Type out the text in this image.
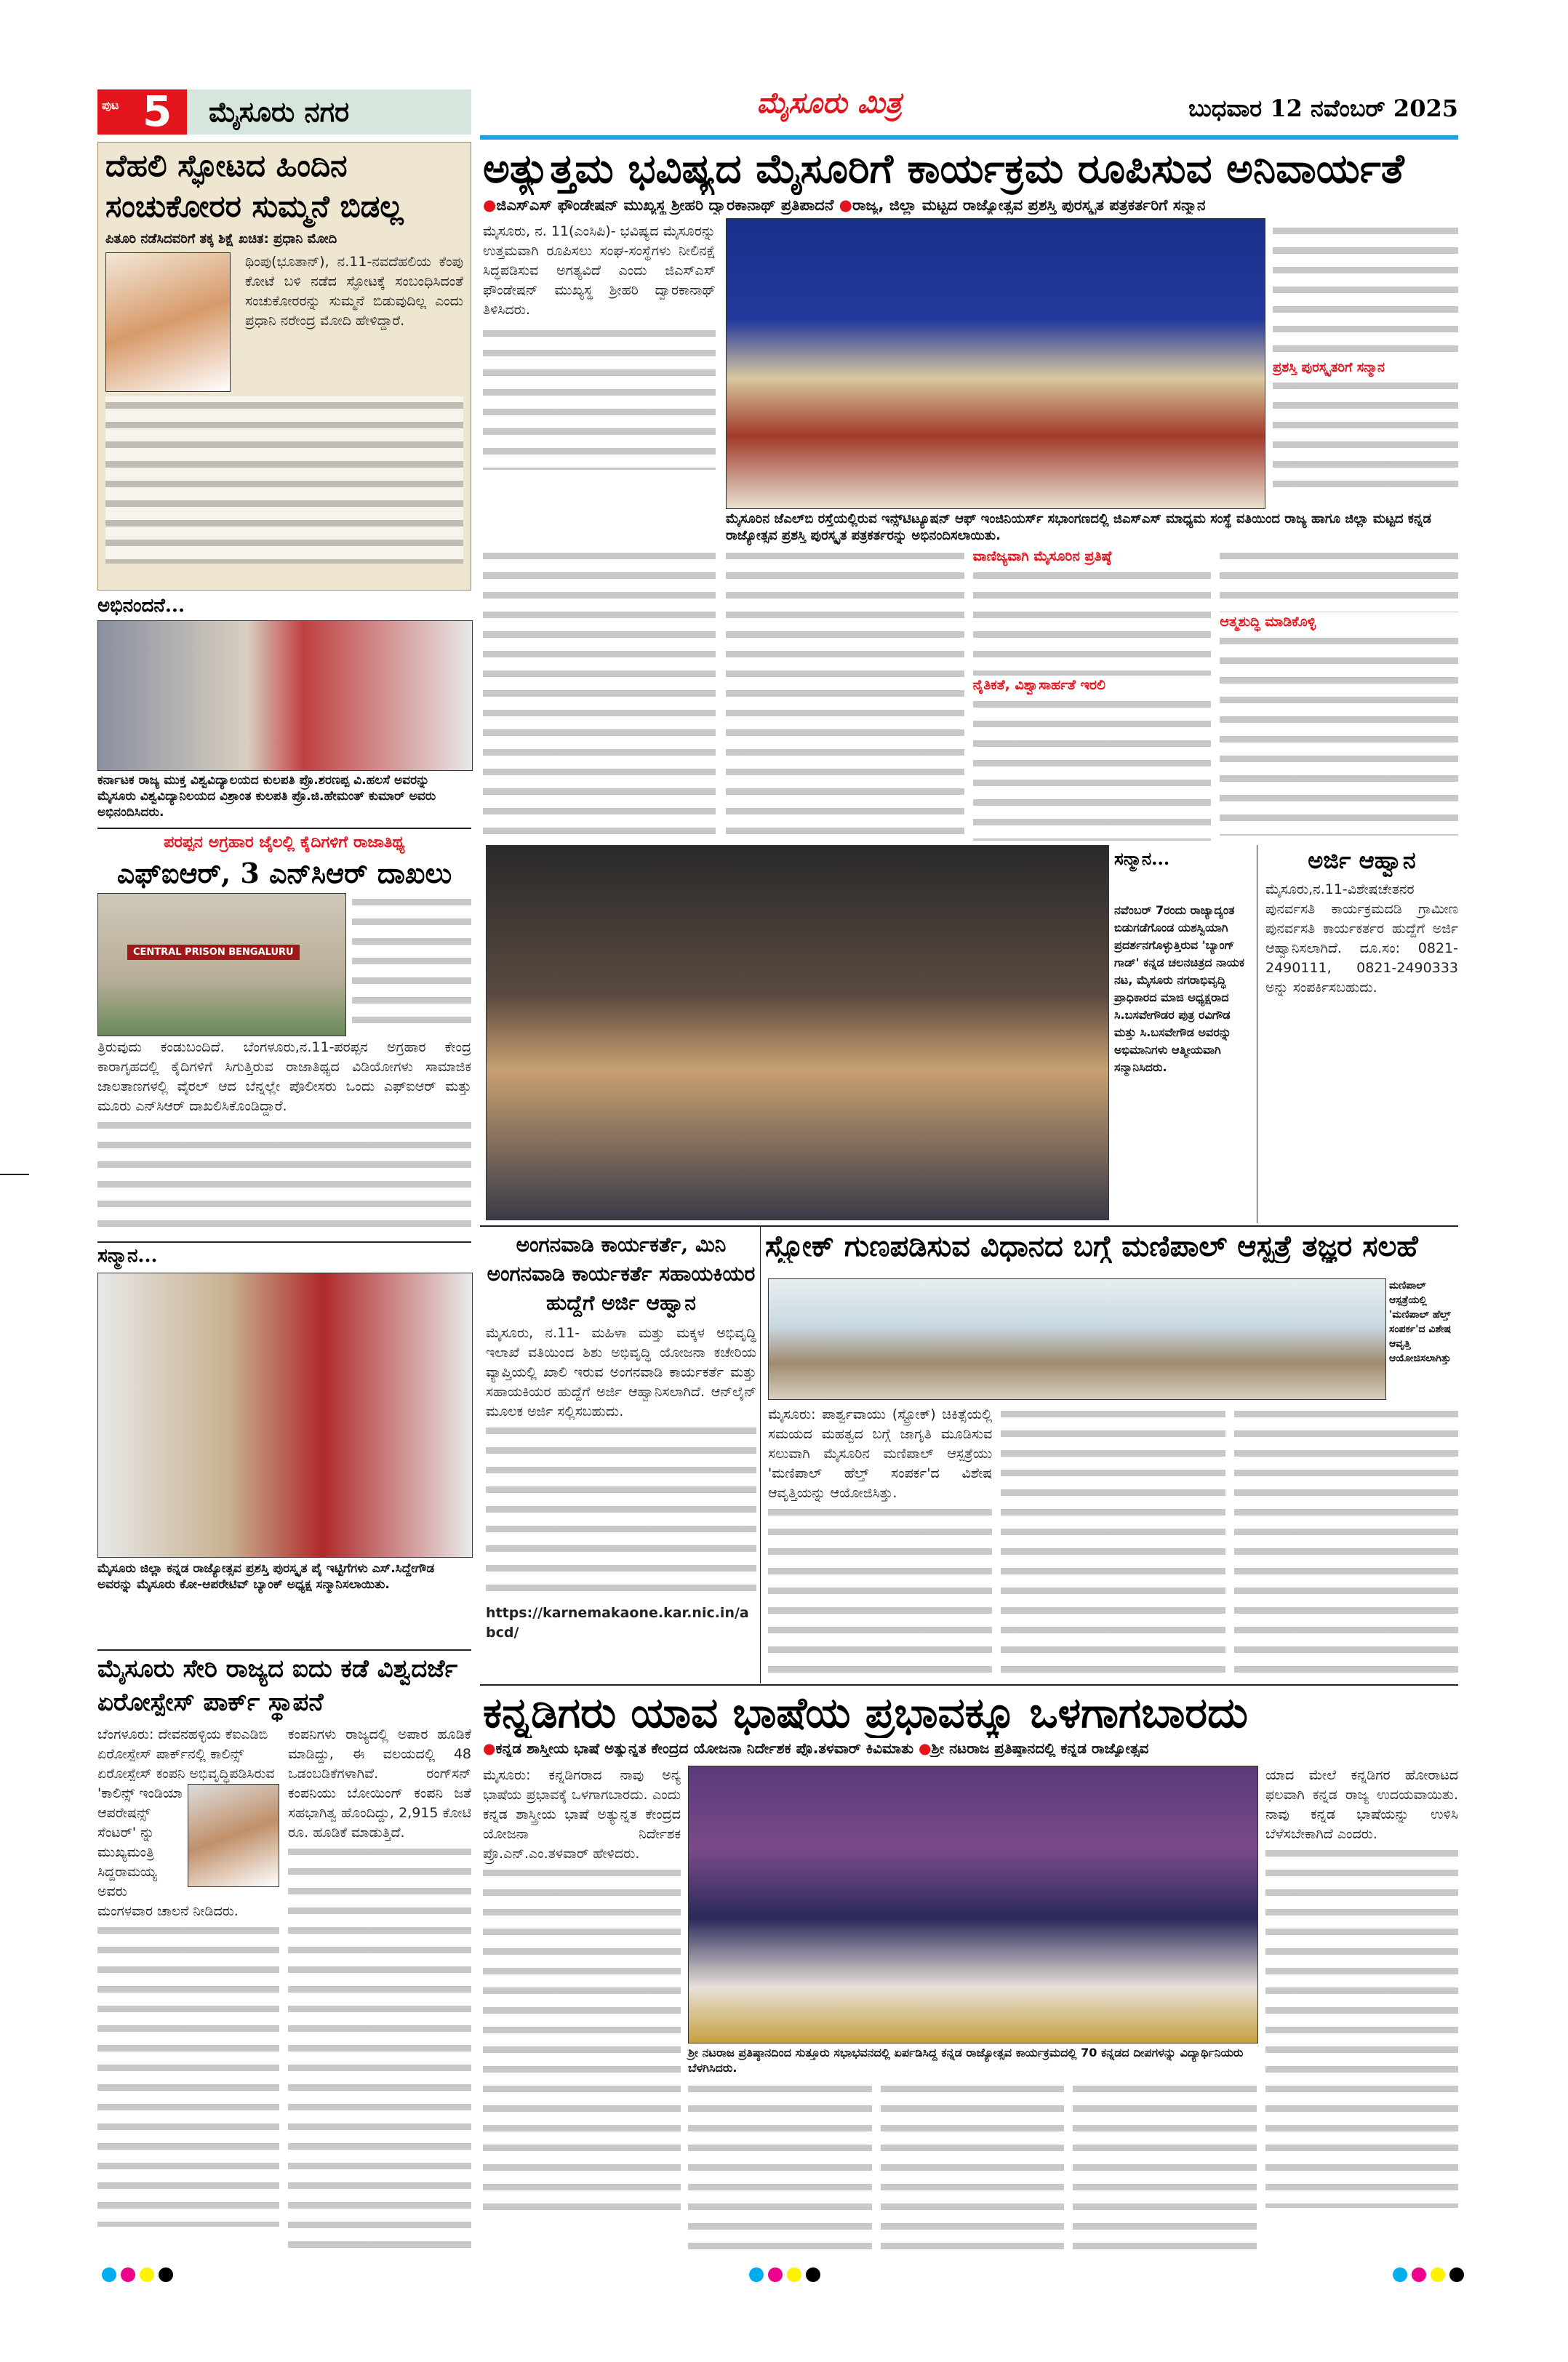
ಪುಟ 5	ಮೈಸೂರು ನಗರ	ಮೈಸೂರು ಮಿತ್ರ	ಬುಧವಾರ 12 ನವೆಂಬರ್ 2025
ಅತ್ಯುತ್ತಮ ಭವಿಷ್ಯದ ಮೈಸೂರಿಗೆ ಕಾರ್ಯಕ್ರಮ ರೂಪಿಸುವ ಅನಿವಾರ್ಯತೆ
●ಜಿಎಸ್‌ಎಸ್ ಫೌಂಡೇಷನ್ ಮುಖ್ಯಸ್ಥ ಶ್ರೀಹರಿ ದ್ವಾರಕಾನಾಥ್ ಪ್ರತಿಪಾದನೆ ●ರಾಜ್ಯ, ಜಿಲ್ಲಾ ಮಟ್ಟದ ರಾಜ್ಯೋತ್ಸವ ಪ್ರಶಸ್ತಿ ಪುರಸ್ಕೃತ ಪತ್ರಕರ್ತರಿಗೆ ಸನ್ಮಾನ
ಮೈಸೂರು, ನ. 11(ಎಂಸಿಪಿ)- ಭವಿಷ್ಯದ ಮೈಸೂರನ್ನು ಉತ್ತಮವಾಗಿ ರೂಪಿಸಲು ಸಂಘ-ಸಂಸ್ಥೆಗಳು ನೀಲಿನಕ್ಷೆ ಸಿದ್ಧಪಡಿಸುವ ಅಗತ್ಯವಿದೆ ಎಂದು ಜಿಎಸ್‌ಎಸ್ ಫೌಂಡೇಷನ್ ಮುಖ್ಯಸ್ಥ ಶ್ರೀಹರಿ ದ್ವಾರಕಾನಾಥ್ ತಿಳಿಸಿದರು.
ಪ್ರಶಸ್ತಿ ಪುರಸ್ಕೃತರಿಗೆ ಸನ್ಮಾನ
ಮೈಸೂರಿನ ಜೆಎಲ್‌ಬಿ ರಸ್ತೆಯಲ್ಲಿರುವ ಇನ್ಸ್‌ಟಿಟ್ಯೂಷನ್ ಆಫ್ ಇಂಜಿನಿಯರ್ಸ್ ಸಭಾಂಗಣದಲ್ಲಿ ಜಿಎಸ್‌ಎಸ್ ಮಾಧ್ಯಮ ಸಂಸ್ಥೆ ವತಿಯಿಂದ ರಾಜ್ಯ ಹಾಗೂ ಜಿಲ್ಲಾ ಮಟ್ಟದ ಕನ್ನಡ ರಾಜ್ಯೋತ್ಸವ ಪ್ರಶಸ್ತಿ ಪುರಸ್ಕೃತ ಪತ್ರಕರ್ತರನ್ನು ಅಭಿನಂದಿಸಲಾಯಿತು.
ವಾಣಿಜ್ಯವಾಗಿ ಮೈಸೂರಿನ ಪ್ರತಿಷ್ಠೆ
ನೈತಿಕತೆ, ವಿಶ್ವಾಸಾರ್ಹತೆ ಇರಲಿ
ಆತ್ಮಶುದ್ಧಿ ಮಾಡಿಕೊಳ್ಳಿ
ದೆಹಲಿ ಸ್ಫೋಟದ ಹಿಂದಿನ ಸಂಚುಕೋರರ ಸುಮ್ಮನೆ ಬಿಡಲ್ಲ
ಪಿತೂರಿ ನಡೆಸಿದವರಿಗೆ ತಕ್ಕ ಶಿಕ್ಷೆ ಖಚಿತ: ಪ್ರಧಾನಿ ಮೋದಿ
ಥಿಂಪು(ಭೂತಾನ್), ನ.11-ನವದೆಹಲಿಯ ಕೆಂಪು ಕೋಟೆ ಬಳಿ ನಡೆದ ಸ್ಫೋಟಕ್ಕೆ ಸಂಬಂಧಿಸಿದಂತೆ ಸಂಚುಕೋರರನ್ನು ಸುಮ್ಮನೆ ಬಿಡುವುದಿಲ್ಲ ಎಂದು ಪ್ರಧಾನಿ ನರೇಂದ್ರ ಮೋದಿ ಹೇಳಿದ್ದಾರೆ.
ಅಭಿನಂದನೆ...
ಕರ್ನಾಟಕ ರಾಜ್ಯ ಮುಕ್ತ ವಿಶ್ವವಿದ್ಯಾಲಯದ ಕುಲಪತಿ ಪ್ರೊ.ಶರಣಪ್ಪ ವಿ.ಹಲಸೆ ಅವರನ್ನು ಮೈಸೂರು ವಿಶ್ವವಿದ್ಯಾನಿಲಯದ ವಿಶ್ರಾಂತ ಕುಲಪತಿ ಪ್ರೊ.ಜಿ.ಹೇಮಂತ್ ಕುಮಾರ್ ಅವರು ಅಭಿನಂದಿಸಿದರು.
ಪರಪ್ಪನ ಅಗ್ರಹಾರ ಜೈಲಲ್ಲಿ ಕೈದಿಗಳಿಗೆ ರಾಜಾತಿಥ್ಯ
ಎಫ್‌ಐಆರ್, 3 ಎನ್‌ಸಿಆರ್ ದಾಖಲು
CENTRAL PRISON BENGALURU
ತ್ರಿರುವುದು ಕಂಡುಬಂದಿದೆ. ಬೆಂಗಳೂರು,ನ.11-ಪರಪ್ಪನ ಅಗ್ರಹಾರ ಕೇಂದ್ರ ಕಾರಾಗೃಹದಲ್ಲಿ ಕೈದಿಗಳಿಗೆ ಸಿಗುತ್ತಿರುವ ರಾಜಾತಿಥ್ಯದ ವಿಡಿಯೋಗಳು ಸಾಮಾಜಿಕ ಜಾಲತಾಣಗಳಲ್ಲಿ ವೈರಲ್ ಆದ ಬೆನ್ನಲ್ಲೇ ಪೊಲೀಸರು ಒಂದು ಎಫ್‌ಐಆರ್ ಮತ್ತು ಮೂರು ಎನ್‌ಸಿಆರ್ ದಾಖಲಿಸಿಕೊಂಡಿದ್ದಾರೆ.
ಸನ್ಮಾನ...
ಮೈಸೂರು ಜಿಲ್ಲಾ ಕನ್ನಡ ರಾಜ್ಯೋತ್ಸವ ಪ್ರಶಸ್ತಿ ಪುರಸ್ಕೃತ ಪೈ ಇಟ್ಟಿಗೆಗಳು ಎಸ್.ಸಿದ್ದೇಗೌಡ ಅವರನ್ನು ಮೈಸೂರು ಕೋ-ಆಪರೇಟಿವ್ ಬ್ಯಾಂಕ್ ಅಧ್ಯಕ್ಷ ಸನ್ಮಾನಿಸಲಾಯಿತು.
ಮೈಸೂರು ಸೇರಿ ರಾಜ್ಯದ ಐದು ಕಡೆ ವಿಶ್ವದರ್ಜೆ ಏರೋಸ್ಪೇಸ್ ಪಾರ್ಕ್ ಸ್ಥಾಪನೆ
ಬೆಂಗಳೂರು: ದೇವನಹಳ್ಳಿಯ ಕೆಐಎಡಿಬಿ ಏರೋಸ್ಪೇಸ್ ಪಾರ್ಕ್‌ನಲ್ಲಿ ಕಾಲಿನ್ಸ್ ಏರೋಸ್ಪೇಸ್ ಕಂಪನಿ ಅಭಿವೃದ್ಧಿಪಡಿಸಿರುವ 'ಕಾಲಿನ್ಸ್ ಇಂಡಿಯಾ ಆಪರೇಷನ್ಸ್ ಸೆಂಟರ್' ನ್ನು ಮುಖ್ಯಮಂತ್ರಿ ಸಿದ್ದರಾಮಯ್ಯ ಅವರು ಮಂಗಳವಾರ ಚಾಲನೆ ನೀಡಿದರು.
ಕಂಪನಿಗಳು ರಾಜ್ಯದಲ್ಲಿ ಅಪಾರ ಹೂಡಿಕೆ ಮಾಡಿದ್ದು, ಈ ವಲಯದಲ್ಲಿ 48 ಒಡಂಬಡಿಕೆಗಳಾಗಿವೆ. ರಂಗ್‌ಸನ್ ಕಂಪನಿಯು ಬೋಯಿಂಗ್ ಕಂಪನಿ ಜತೆ ಸಹಭಾಗಿತ್ವ ಹೊಂದಿದ್ದು, 2,915 ಕೋಟಿ ರೂ. ಹೂಡಿಕೆ ಮಾಡುತ್ತಿದೆ.
ಸನ್ಮಾನ...
ನವೆಂಬರ್ 7ರಂದು ರಾಜ್ಯಾದ್ಯಂತ ಬಿಡುಗಡೆಗೊಂಡ ಯಶಸ್ವಿಯಾಗಿ ಪ್ರದರ್ಶನಗೊಳ್ಳುತ್ತಿರುವ 'ಬ್ಯಾಂಗ್ ಗಾಡ್' ಕನ್ನಡ ಚಲನಚಿತ್ರದ ನಾಯಕ ನಟ, ಮೈಸೂರು ನಗರಾಭಿವೃದ್ಧಿ ಪ್ರಾಧಿಕಾರದ ಮಾಜಿ ಅಧ್ಯಕ್ಷರಾದ ಸಿ.ಬಸವೇಗೌಡರ ಪುತ್ರ ರವಿಗೌಡ ಮತ್ತು ಸಿ.ಬಸವೇಗೌಡ ಅವರನ್ನು ಅಭಿಮಾನಿಗಳು ಆತ್ಮೀಯವಾಗಿ ಸನ್ಮಾನಿಸಿದರು.
ಅರ್ಜಿ ಆಹ್ವಾನ
ಮೈಸೂರು,ನ.11-ವಿಶೇಷಚೇತನರ ಪುನರ್ವಸತಿ ಕಾರ್ಯಕ್ರಮದಡಿ ಗ್ರಾಮೀಣ ಪುನರ್ವಸತಿ ಕಾರ್ಯಕರ್ತರ ಹುದ್ದೆಗೆ ಅರ್ಜಿ ಆಹ್ವಾನಿಸಲಾಗಿದೆ. ದೂ.ಸಂ: 0821-2490111, 0821-2490333 ಅನ್ನು ಸಂಪರ್ಕಿಸಬಹುದು.
ಅಂಗನವಾಡಿ ಕಾರ್ಯಕರ್ತೆ, ಮಿನಿ ಅಂಗನವಾಡಿ ಕಾರ್ಯಕರ್ತೆ ಸಹಾಯಕಿಯರ ಹುದ್ದೆಗೆ ಅರ್ಜಿ ಆಹ್ವಾನ
ಮೈಸೂರು, ನ.11- ಮಹಿಳಾ ಮತ್ತು ಮಕ್ಕಳ ಅಭಿವೃದ್ಧಿ ಇಲಾಖೆ ವತಿಯಿಂದ ಶಿಶು ಅಭಿವೃದ್ಧಿ ಯೋಜನಾ ಕಚೇರಿಯ ವ್ಯಾಪ್ತಿಯಲ್ಲಿ ಖಾಲಿ ಇರುವ ಅಂಗನವಾಡಿ ಕಾರ್ಯಕರ್ತೆ ಮತ್ತು ಸಹಾಯಕಿಯರ ಹುದ್ದೆಗೆ ಅರ್ಜಿ ಆಹ್ವಾನಿಸಲಾಗಿದೆ. ಆನ್‌ಲೈನ್ ಮೂಲಕ ಅರ್ಜಿ ಸಲ್ಲಿಸಬಹುದು.
https://karnemakaone.kar.nic.in/abcd/
ಸ್ಟ್ರೋಕ್ ಗುಣಪಡಿಸುವ ವಿಧಾನದ ಬಗ್ಗೆ ಮಣಿಪಾಲ್ ಆಸ್ಪತ್ರೆ ತಜ್ಞರ ಸಲಹೆ
ಮಣಿಪಾಲ್ ಆಸ್ಪತ್ರೆಯಲ್ಲಿ 'ಮಣಿಪಾಲ್ ಹೆಲ್ತ್ ಸಂಪರ್ಕ'ದ ವಿಶೇಷ ಆವೃತ್ತಿ ಆಯೋಜಿಸಲಾಗಿತ್ತು
ಮೈಸೂರು: ಪಾರ್ಶ್ವವಾಯು (ಸ್ಟ್ರೋಕ್) ಚಿಕಿತ್ಸೆಯಲ್ಲಿ ಸಮಯದ ಮಹತ್ವದ ಬಗ್ಗೆ ಜಾಗೃತಿ ಮೂಡಿಸುವ ಸಲುವಾಗಿ ಮೈಸೂರಿನ ಮಣಿಪಾಲ್ ಆಸ್ಪತ್ರೆಯು 'ಮಣಿಪಾಲ್ ಹೆಲ್ತ್ ಸಂಪರ್ಕ'ದ ವಿಶೇಷ ಆವೃತ್ತಿಯನ್ನು ಆಯೋಜಿಸಿತ್ತು.
ಕನ್ನಡಿಗರು ಯಾವ ಭಾಷೆಯ ಪ್ರಭಾವಕ್ಕೂ ಒಳಗಾಗಬಾರದು
●ಕನ್ನಡ ಶಾಸ್ತ್ರೀಯ ಭಾಷೆ ಅತ್ಯುನ್ನತ ಕೇಂದ್ರದ ಯೋಜನಾ ನಿರ್ದೇಶಕ ಪ್ರೊ.ತಳವಾರ್ ಕಿವಿಮಾತು ●ಶ್ರೀ ನಟರಾಜ ಪ್ರತಿಷ್ಠಾನದಲ್ಲಿ ಕನ್ನಡ ರಾಜ್ಯೋತ್ಸವ
ಮೈಸೂರು: ಕನ್ನಡಿಗರಾದ ನಾವು ಅನ್ಯ ಭಾಷೆಯ ಪ್ರಭಾವಕ್ಕೆ ಒಳಗಾಗಬಾರದು. ಎಂದು ಕನ್ನಡ ಶಾಸ್ತ್ರೀಯ ಭಾಷೆ ಅತ್ಯುನ್ನತ ಕೇಂದ್ರದ ಯೋಜನಾ ನಿರ್ದೇಶಕ ಪ್ರೊ.ಎನ್.ಎಂ.ತಳವಾರ್ ಹೇಳಿದರು.
ಶ್ರೀ ನಟರಾಜ ಪ್ರತಿಷ್ಠಾನದಿಂದ ಸುತ್ತೂರು ಸಭಾಭವನದಲ್ಲಿ ಏರ್ಪಡಿಸಿದ್ದ ಕನ್ನಡ ರಾಜ್ಯೋತ್ಸವ ಕಾರ್ಯಕ್ರಮದಲ್ಲಿ 70 ಕನ್ನಡದ ದೀಪಗಳನ್ನು ವಿದ್ಯಾರ್ಥಿನಿಯರು ಬೆಳಗಿಸಿದರು.
ಯಾದ ಮೇಲೆ ಕನ್ನಡಿಗರ ಹೋರಾಟದ ಫಲವಾಗಿ ಕನ್ನಡ ರಾಜ್ಯ ಉದಯವಾಯಿತು. ನಾವು ಕನ್ನಡ ಭಾಷೆಯನ್ನು ಉಳಿಸಿ ಬೆಳೆಸಬೇಕಾಗಿದೆ ಎಂದರು.
